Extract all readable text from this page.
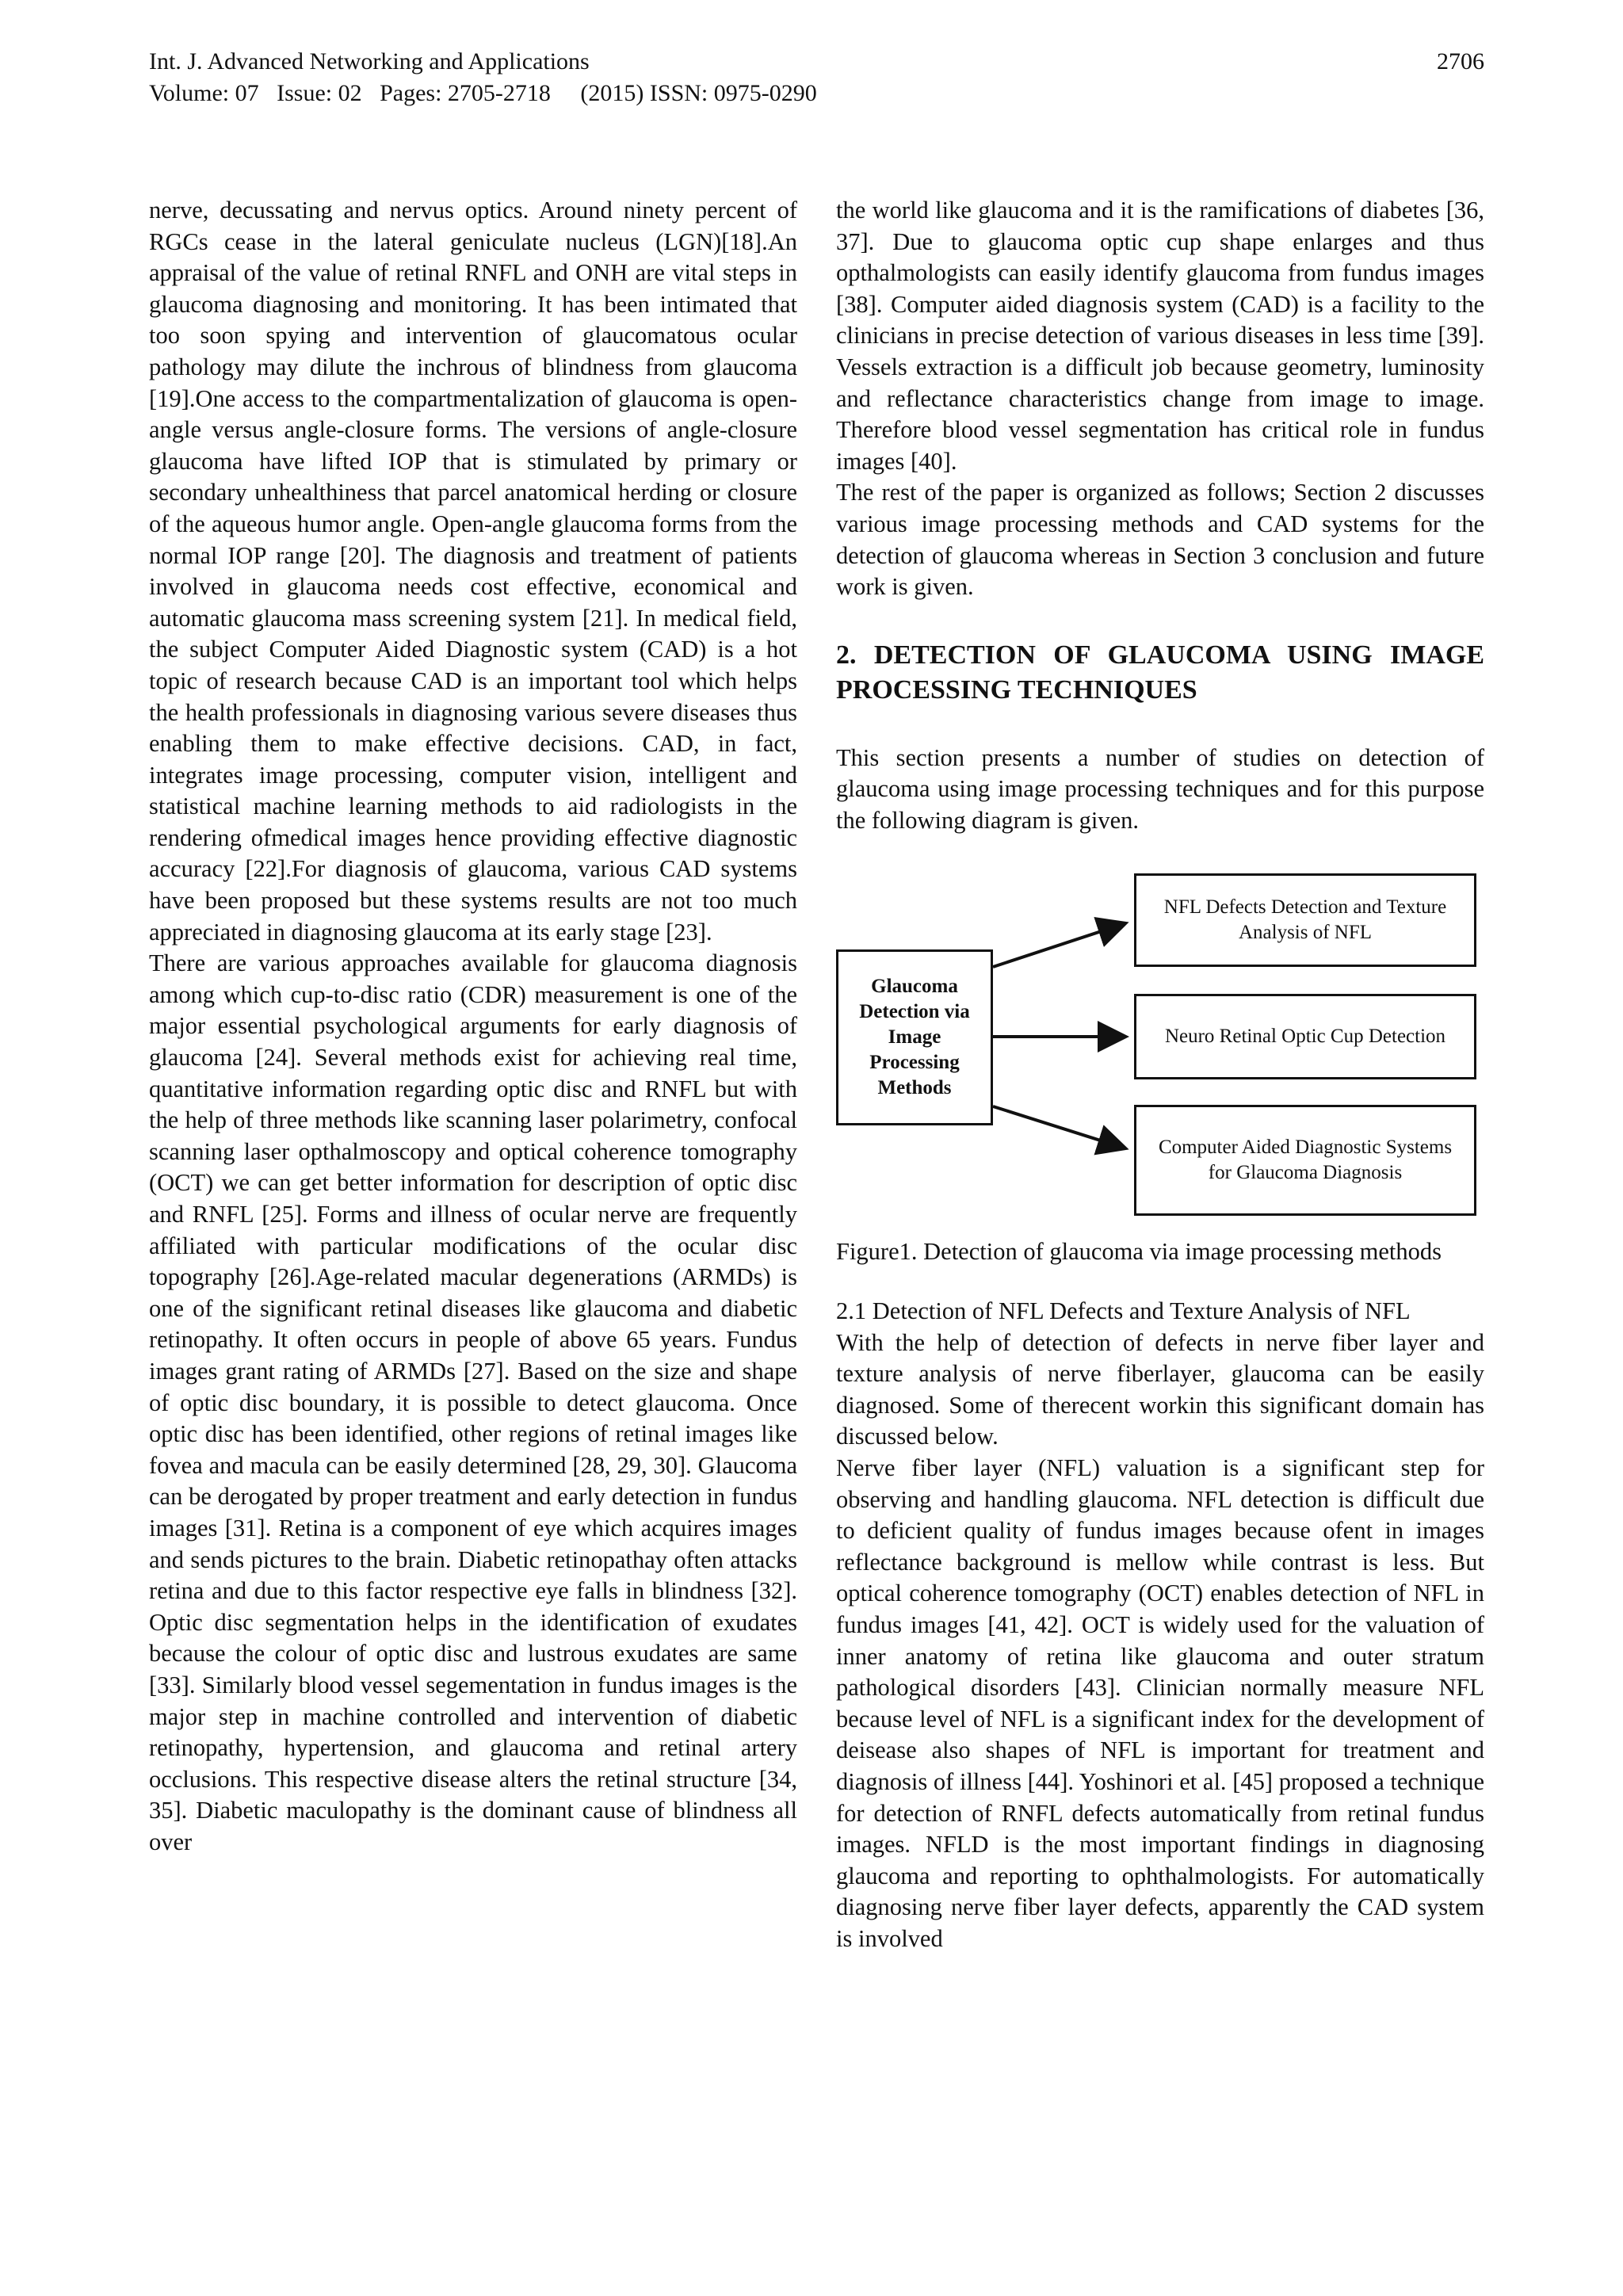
Int. J. Advanced Networking and Applications
Volume: 07   Issue: 02   Pages: 2705-2718     (2015) ISSN: 0975-0290
2706

nerve, decussating and nervus optics. Around ninety percent of RGCs cease in the lateral geniculate nucleus (LGN)[18].An appraisal of the value of retinal RNFL and ONH are vital steps in glaucoma diagnosing and monitoring. It has been intimated that too soon spying and intervention of glaucomatous ocular pathology may dilute the inchrous of blindness from glaucoma [19].One access to the compartmentalization of glaucoma is open-angle versus angle-closure forms. The versions of angle-closure glaucoma have lifted IOP that is stimulated by primary or secondary unhealthiness that parcel anatomical herding or closure of the aqueous humor angle. Open-angle glaucoma forms from the normal IOP range [20]. The diagnosis and treatment of patients involved in glaucoma needs cost effective, economical and automatic glaucoma mass screening system [21]. In medical field, the subject Computer Aided Diagnostic system (CAD) is a hot topic of research because CAD is an important tool which helps the health professionals in diagnosing various severe diseases thus enabling them to make effective decisions. CAD, in fact, integrates image processing, computer vision, intelligent and statistical machine learning methods to aid radiologists in the rendering ofmedical images hence providing effective diagnostic accuracy [22].For diagnosis of glaucoma, various CAD systems have been proposed but these systems results are not too much appreciated in diagnosing glaucoma at its early stage [23].

There are various approaches available for glaucoma diagnosis among which cup-to-disc ratio (CDR) measurement is one of the major essential psychological arguments for early diagnosis of glaucoma [24]. Several methods exist for achieving real time, quantitative information regarding optic disc and RNFL but with the help of three methods like scanning laser polarimetry, confocal scanning laser opthalmoscopy and optical coherence tomography (OCT) we can get better information for description of optic disc and RNFL [25]. Forms and illness of ocular nerve are frequently affiliated with particular modifications of the ocular disc topography [26].Age-related macular degenerations (ARMDs) is one of the significant retinal diseases like glaucoma and diabetic retinopathy. It often occurs in people of above 65 years. Fundus images grant rating of ARMDs [27]. Based on the size and shape of optic disc boundary, it is possible to detect glaucoma. Once optic disc has been identified, other regions of retinal images like fovea and macula can be easily determined [28, 29, 30]. Glaucoma can be derogated by proper treatment and early detection in fundus images [31]. Retina is a component of eye which acquires images and sends pictures to the brain. Diabetic retinopathay often attacks retina and due to this factor respective eye falls in blindness [32]. Optic disc segmentation helps in the identification of exudates because the colour of optic disc and lustrous exudates are same [33]. Similarly blood vessel segementation in fundus images is the major step in machine controlled and intervention of diabetic retinopathy, hypertension, and glaucoma and retinal artery occlusions. This respective disease alters the retinal structure [34, 35]. Diabetic maculopathy is the dominant cause of blindness all over

the world like glaucoma and it is the ramifications of diabetes [36, 37]. Due to glaucoma optic cup shape enlarges and thus opthalmologists can easily identify glaucoma from fundus images [38]. Computer aided diagnosis system (CAD) is a facility to the clinicians in precise detection of various diseases in less time [39]. Vessels extraction is a difficult job because geometry, luminosity and reflectance characteristics change from image to image. Therefore blood vessel segmentation has critical role in fundus images [40].

The rest of the paper is organized as follows; Section 2 discusses various image processing methods and CAD systems for the detection of glaucoma whereas in Section 3 conclusion and future work is given.

2. DETECTION OF GLAUCOMA USING IMAGE PROCESSING TECHNIQUES

This section presents a number of studies on detection of glaucoma using image processing techniques and for this purpose the following diagram is given.

Glaucoma Detection via Image Processing Methods
NFL Defects Detection and Texture Analysis of NFL
Neuro Retinal Optic Cup Detection
Computer Aided Diagnostic Systems for Glaucoma Diagnosis

Figure1. Detection of glaucoma via image processing methods

2.1 Detection of NFL Defects and Texture Analysis of NFL

With the help of detection of defects in nerve fiber layer and texture analysis of nerve fiberlayer, glaucoma can be easily diagnosed. Some of therecent workin this significant domain has discussed below.

Nerve fiber layer (NFL) valuation is a significant step for observing and handling glaucoma. NFL detection is difficult due to deficient quality of fundus images because ofent in images reflectance background is mellow while contrast is less. But optical coherence tomography (OCT) enables detection of NFL in fundus images [41, 42]. OCT is widely used for the valuation of inner anatomy of retina like glaucoma and outer stratum pathological disorders [43]. Clinician normally measure NFL because level of NFL is a significant index for the development of deisease also shapes of NFL is important for treatment and diagnosis of illness [44]. Yoshinori et al. [45] proposed a technique for detection of RNFL defects automatically from retinal fundus images. NFLD is the most important findings in diagnosing glaucoma and reporting to ophthalmologists. For automatically diagnosing nerve fiber layer defects, apparently the CAD system is involved
